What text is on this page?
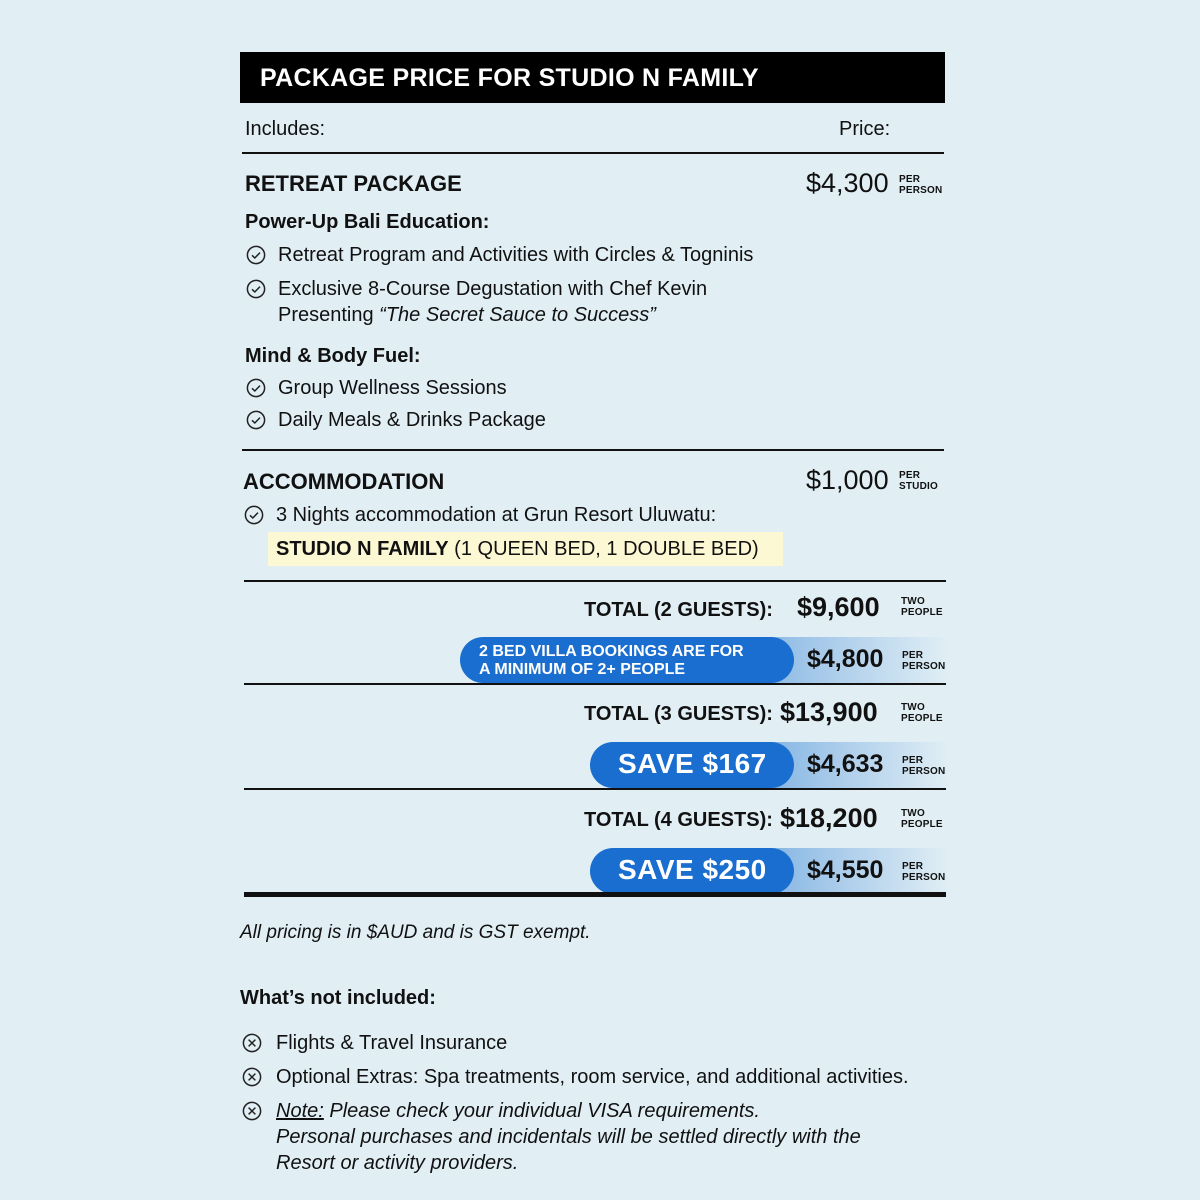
PACKAGE PRICE FOR STUDIO N FAMILY
Includes:	Price:
RETREAT PACKAGE	$4,300 PER
PERSON
Power-Up Bali Education:
Retreat Program and Activities with Circles & Togninis
Exclusive 8-Course Degustation with Chef Kevin
Presenting “The Secret Sauce to Success”
Mind & Body Fuel:
Group Wellness Sessions
Daily Meals & Drinks Package
ACCOMMODATION	$1,000 PER
STUDIO
3 Nights accommodation at Grun Resort Uluwatu:
STUDIO N FAMILY (1 QUEEN BED, 1 DOUBLE BED)
TOTAL (2 GUESTS): $9,600 TWO
PEOPLE
2 BED VILLA BOOKINGS ARE FOR
A MINIMUM OF 2+ PEOPLE	$4,800 PER
PERSON
TOTAL (3 GUESTS): $13,900 TWO
PEOPLE
SAVE $167 $4,633 PER
PERSON
TOTAL (4 GUESTS): $18,200 TWO
PEOPLE
SAVE $250 $4,550 PER
PERSON
All pricing is in $AUD and is GST exempt.
What’s not included:
Flights & Travel Insurance
Optional Extras: Spa treatments, room service, and additional activities.
Note: Please check your individual VISA requirements.
Personal purchases and incidentals will be settled directly with the
Resort or activity providers.
